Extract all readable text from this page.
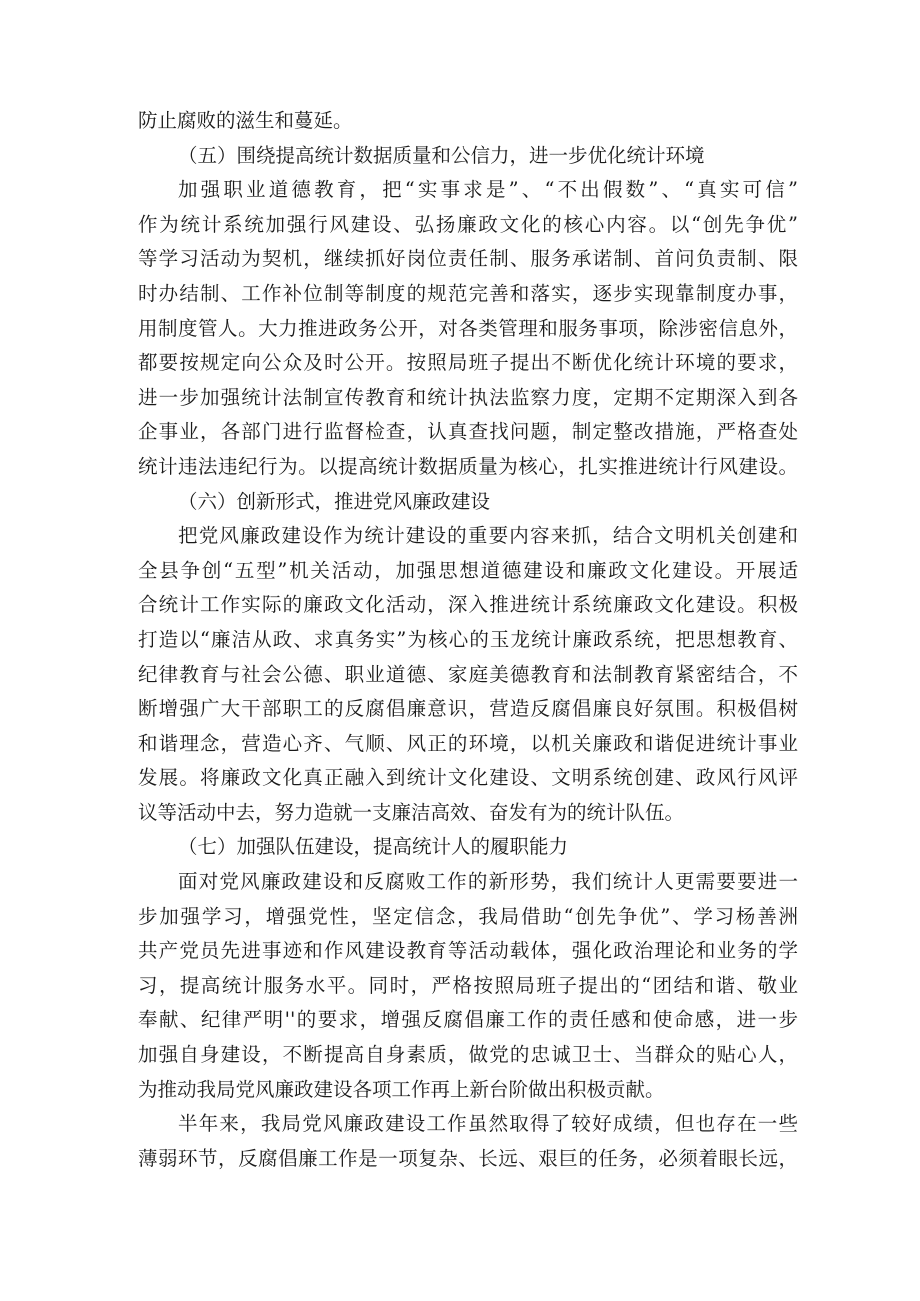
防止腐败的滋生和蔓延。
（五）围绕提高统计数据质量和公信力，进一步优化统计环境
加强职业道德教育，把“实事求是”、“不出假数”、“真实可信”
作为统计系统加强行风建设、弘扬廉政文化的核心内容。以“创先争优”
等学习活动为契机，继续抓好岗位责任制、服务承诺制、首问负责制、限
时办结制、工作补位制等制度的规范完善和落实，逐步实现靠制度办事，
用制度管人。大力推进政务公开，对各类管理和服务事项，除涉密信息外，
都要按规定向公众及时公开。按照局班子提出不断优化统计环境的要求，
进一步加强统计法制宣传教育和统计执法监察力度，定期不定期深入到各
企事业，各部门进行监督检查，认真查找问题，制定整改措施，严格查处
统计违法违纪行为。以提高统计数据质量为核心，扎实推进统计行风建设。
（六）创新形式，推进党风廉政建设
把党风廉政建设作为统计建设的重要内容来抓，结合文明机关创建和
全县争创“五型”机关活动，加强思想道德建设和廉政文化建设。开展适
合统计工作实际的廉政文化活动，深入推进统计系统廉政文化建设。积极
打造以“廉洁从政、求真务实”为核心的玉龙统计廉政系统，把思想教育、
纪律教育与社会公德、职业道德、家庭美德教育和法制教育紧密结合，不
断增强广大干部职工的反腐倡廉意识，营造反腐倡廉良好氛围。积极倡树
和谐理念，营造心齐、气顺、风正的环境，以机关廉政和谐促进统计事业
发展。将廉政文化真正融入到统计文化建设、文明系统创建、政风行风评
议等活动中去，努力造就一支廉洁高效、奋发有为的统计队伍。
（七）加强队伍建设，提高统计人的履职能力
面对党风廉政建设和反腐败工作的新形势，我们统计人更需要要进一
步加强学习，增强党性，坚定信念，我局借助“创先争优”、学习杨善洲
共产党员先进事迹和作风建设教育等活动载体，强化政治理论和业务的学
习，提高统计服务水平。同时，严格按照局班子提出的“团结和谐、敬业
奉献、纪律严明''的要求，增强反腐倡廉工作的责任感和使命感，进一步
加强自身建设，不断提高自身素质，做党的忠诚卫士、当群众的贴心人，
为推动我局党风廉政建设各项工作再上新台阶做出积极贡献。
半年来，我局党风廉政建设工作虽然取得了较好成绩，但也存在一些
薄弱环节，反腐倡廉工作是一项复杂、长远、艰巨的任务，必须着眼长远，
